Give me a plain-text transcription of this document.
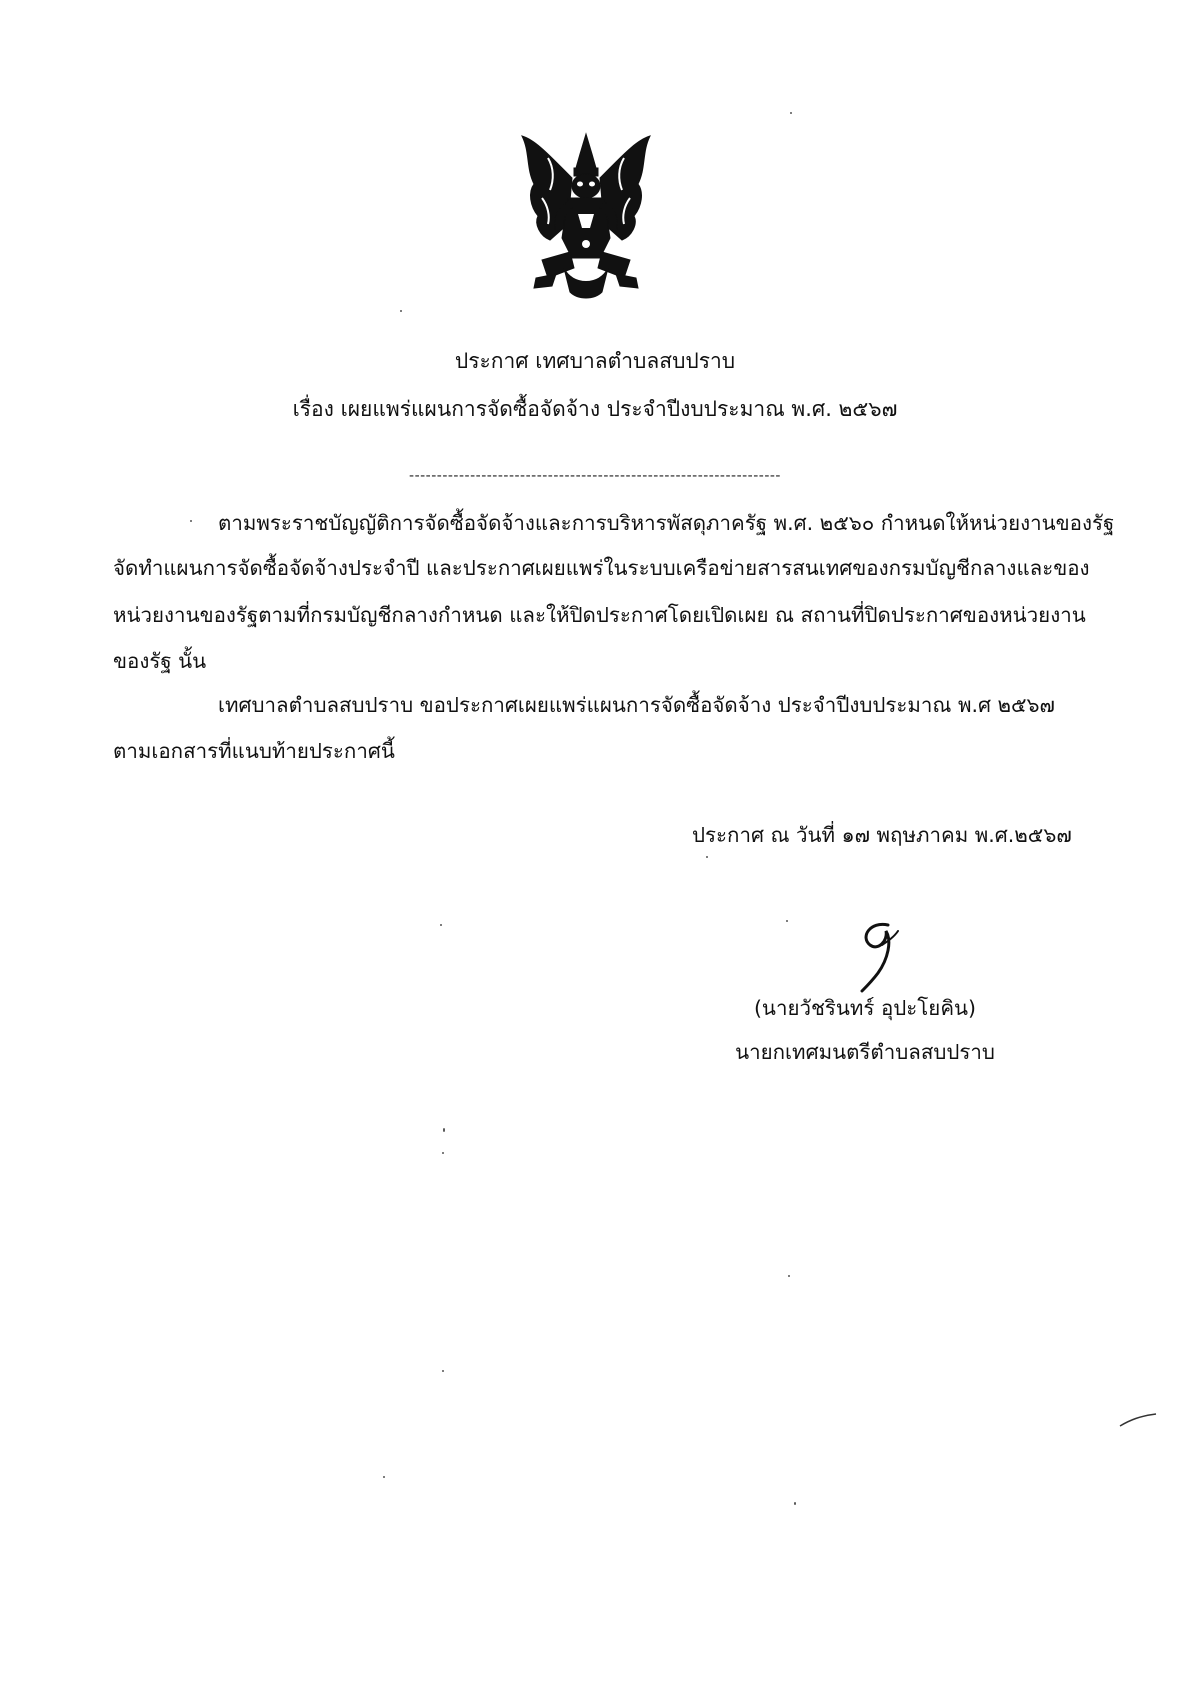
ประกาศ เทศบาลตำบลสบปราบ
เรื่อง เผยแพร่แผนการจัดซื้อจัดจ้าง ประจำปีงบประมาณ พ.ศ. ๒๕๖๗
-------------------------------------------------------------------
ตามพระราชบัญญัติการจัดซื้อจัดจ้างและการบริหารพัสดุภาครัฐ พ.ศ. ๒๕๖๐ กำหนดให้หน่วยงานของรัฐ
จัดทำแผนการจัดซื้อจัดจ้างประจำปี และประกาศเผยแพร่ในระบบเครือข่ายสารสนเทศของกรมบัญชีกลางและของ
หน่วยงานของรัฐตามที่กรมบัญชีกลางกำหนด และให้ปิดประกาศโดยเปิดเผย ณ สถานที่ปิดประกาศของหน่วยงาน
ของรัฐ นั้น
เทศบาลตำบลสบปราบ ขอประกาศเผยแพร่แผนการจัดซื้อจัดจ้าง ประจำปีงบประมาณ พ.ศ ๒๕๖๗
ตามเอกสารที่แนบท้ายประกาศนี้
ประกาศ ณ วันที่ ๑๗ พฤษภาคม พ.ศ.๒๕๖๗
(นายวัชรินทร์ อุปะโยคิน)
นายกเทศมนตรีตำบลสบปราบ
